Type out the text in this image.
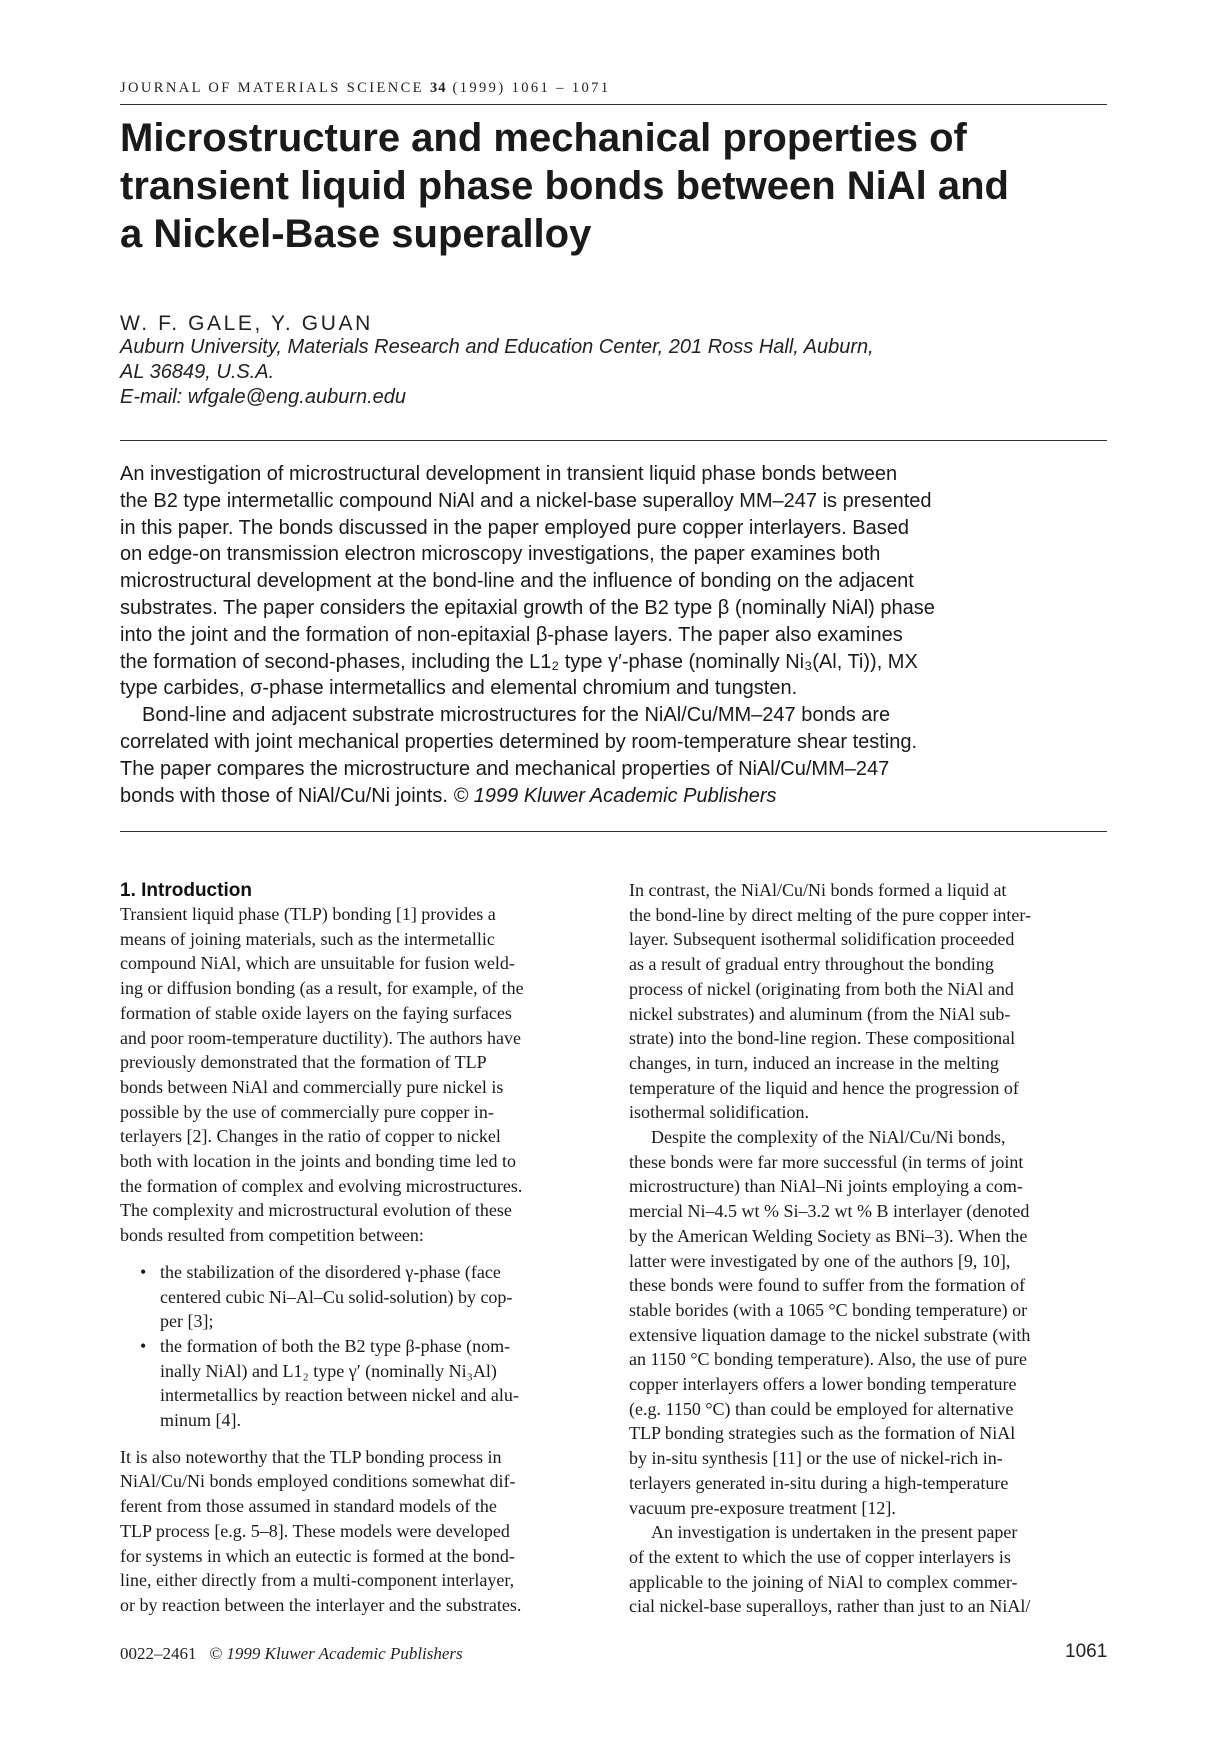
JOURNAL OF MATERIALS SCIENCE 34 (1999) 1061 – 1071
Microstructure and mechanical properties of
transient liquid phase bonds between NiAl and
a Nickel-Base superalloy
W. F. GALE, Y. GUAN
Auburn University, Materials Research and Education Center, 201 Ross Hall, Auburn,
AL 36849, U.S.A.
E-mail: wfgale@eng.auburn.edu
An investigation of microstructural development in transient liquid phase bonds between
the B2 type intermetallic compound NiAl and a nickel-base superalloy MM–247 is presented
in this paper. The bonds discussed in the paper employed pure copper interlayers. Based
on edge-on transmission electron microscopy investigations, the paper examines both
microstructural development at the bond-line and the influence of bonding on the adjacent
substrates. The paper considers the epitaxial growth of the B2 type β (nominally NiAl) phase
into the joint and the formation of non-epitaxial β-phase layers. The paper also examines
the formation of second-phases, including the L1₂ type γ′-phase (nominally Ni₃(Al, Ti)), MX
type carbides, σ-phase intermetallics and elemental chromium and tungsten.
Bond-line and adjacent substrate microstructures for the NiAl/Cu/MM–247 bonds are
correlated with joint mechanical properties determined by room-temperature shear testing.
The paper compares the microstructure and mechanical properties of NiAl/Cu/MM–247
bonds with those of NiAl/Cu/Ni joints. © 1999 Kluwer Academic Publishers
1. Introduction
Transient liquid phase (TLP) bonding [1] provides a
means of joining materials, such as the intermetallic
compound NiAl, which are unsuitable for fusion weld-
ing or diffusion bonding (as a result, for example, of the
formation of stable oxide layers on the faying surfaces
and poor room-temperature ductility). The authors have
previously demonstrated that the formation of TLP
bonds between NiAl and commercially pure nickel is
possible by the use of commercially pure copper in-
terlayers [2]. Changes in the ratio of copper to nickel
both with location in the joints and bonding time led to
the formation of complex and evolving microstructures.
The complexity and microstructural evolution of these
bonds resulted from competition between:
• the stabilization of the disordered γ-phase (face
centered cubic Ni–Al–Cu solid-solution) by cop-
per [3];
• the formation of both the B2 type β-phase (nom-
inally NiAl) and L1₂ type γ′ (nominally Ni₃Al)
intermetallics by reaction between nickel and alu-
minum [4].
It is also noteworthy that the TLP bonding process in
NiAl/Cu/Ni bonds employed conditions somewhat dif-
ferent from those assumed in standard models of the
TLP process [e.g. 5–8]. These models were developed
for systems in which an eutectic is formed at the bond-
line, either directly from a multi-component interlayer,
or by reaction between the interlayer and the substrates.
In contrast, the NiAl/Cu/Ni bonds formed a liquid at
the bond-line by direct melting of the pure copper inter-
layer. Subsequent isothermal solidification proceeded
as a result of gradual entry throughout the bonding
process of nickel (originating from both the NiAl and
nickel substrates) and aluminum (from the NiAl sub-
strate) into the bond-line region. These compositional
changes, in turn, induced an increase in the melting
temperature of the liquid and hence the progression of
isothermal solidification.
Despite the complexity of the NiAl/Cu/Ni bonds,
these bonds were far more successful (in terms of joint
microstructure) than NiAl–Ni joints employing a com-
mercial Ni–4.5 wt % Si–3.2 wt % B interlayer (denoted
by the American Welding Society as BNi–3). When the
latter were investigated by one of the authors [9, 10],
these bonds were found to suffer from the formation of
stable borides (with a 1065 °C bonding temperature) or
extensive liquation damage to the nickel substrate (with
an 1150 °C bonding temperature). Also, the use of pure
copper interlayers offers a lower bonding temperature
(e.g. 1150 °C) than could be employed for alternative
TLP bonding strategies such as the formation of NiAl
by in-situ synthesis [11] or the use of nickel-rich in-
terlayers generated in-situ during a high-temperature
vacuum pre-exposure treatment [12].
An investigation is undertaken in the present paper
of the extent to which the use of copper interlayers is
applicable to the joining of NiAl to complex commer-
cial nickel-base superalloys, rather than just to an NiAl/
0022–2461 © 1999 Kluwer Academic Publishers	1061
